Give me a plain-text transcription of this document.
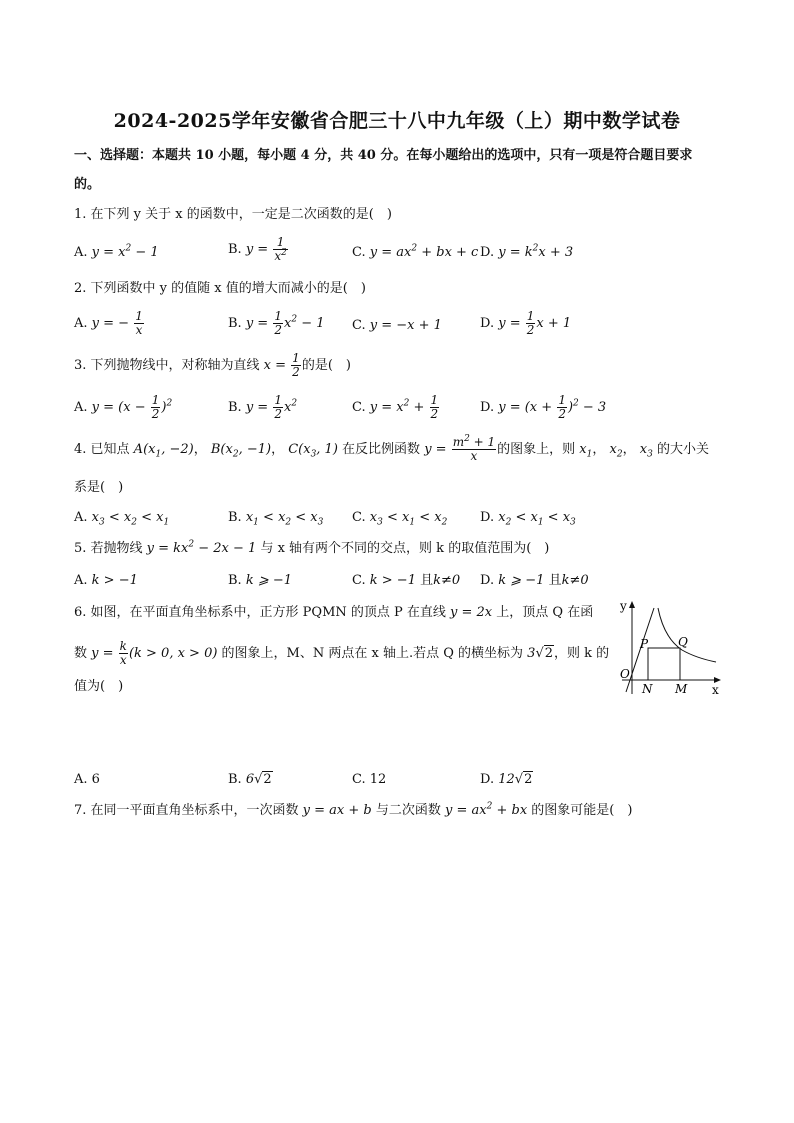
2024-2025学年安徽省合肥三十八中九年级（上）期中数学试卷
一、选择题：本题共 10 小题，每小题 4 分，共 40 分。在每小题给出的选项中，只有一项是符合题目要求
的。
1. 在下列 y 关于 x 的函数中，一定是二次函数的是(　)
A. $y = x^2 - 1$	B. $y = \frac{1}{x^2}$	C. $y = ax^2$ + bx + c D. $y = k^2x + 3$
2. 下列函数中 y 的值随 x 值的增大而减小的是(　)
A. y = − $\frac{1}{x}$	B. $y = \frac{1}{2} x^2 - 1$ C. y = −x + 1	D. $y = \frac{1}{2}$ x + 1
3. 下列抛物线中，对称轴为直线 $x = \frac{1}{2}$ 的是(　)
A. $y = (x - \frac{1}{2} )^2$	B. $y = \frac{1}{2} x^2$	C. $y = x^2 + \frac{1}{2}$	D. $y = (x + \frac{1}{2} )^2 - 3$
4. 已知点 $A(x_1$, −2)， $B(x_2$, −1)， $C(x_3$, 1) 在反比例函数 $y = \frac{m^2 + 1}{x}$ 的图象上，则 $x_1$， $x_2$， $x_3$ 的大小关
系是(　)
A. $x_3 < x_2 < x_1$	B. $x_1 < x_2 < x_3$ C. $x_3 < x_1 < x_2$	D. $x_2 < x_1 < x_3$
5. 若抛物线 $y = kx^2 - 2x - 1$ 与 x 轴有两个不同的交点，则 k 的取值范围为(　)
A. k > −1	B. k ⩾ −1	C. k > −1 且k≠0 D. k ⩾ −1 且k≠0
6. 如图，在平面直角坐标系中，正方形 PQMN 的顶点 P 在直线 y = 2x 上，顶点 Q 在函
数 $y = \frac{k}{x} (k > 0$, x > 0) 的图象上，M、N 两点在 x 轴上.若点 Q 的横坐标为 3√2，则 k 的
值为(　)
y
x
O
P Q
N M
A. 6	B. 6√2	C. 12	D. 12√2
7. 在同一平面直角坐标系中，一次函数 y = ax + b 与二次函数 $y = ax^2$ + bx 的图象可能是(　)
